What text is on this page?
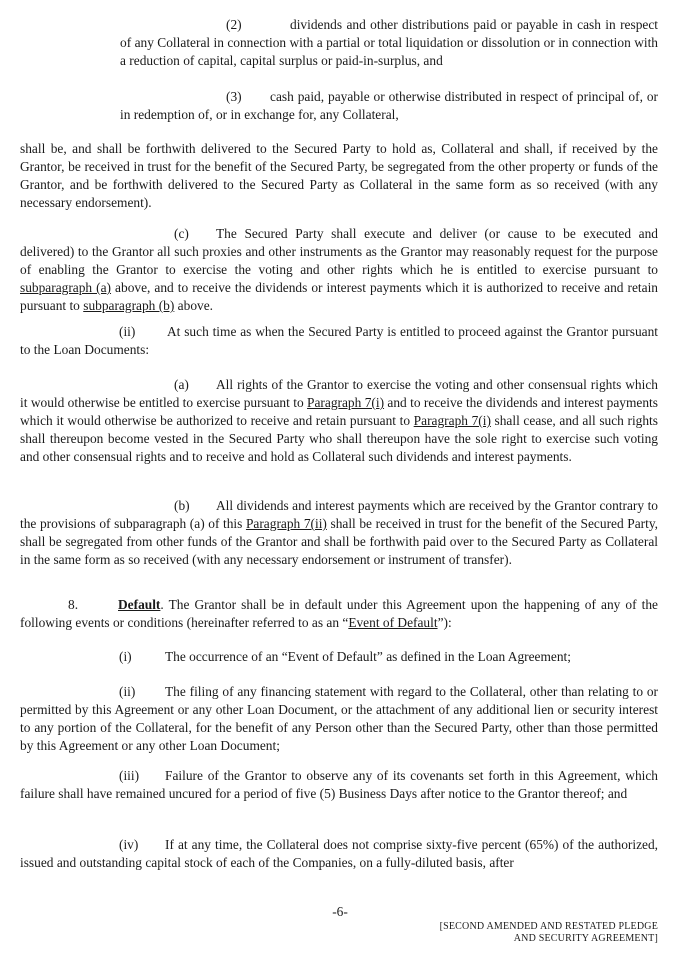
(2)	dividends and other distributions paid or payable in cash in respect of any Collateral in connection with a partial or total liquidation or dissolution or in connection with a reduction of capital, capital surplus or paid-in-surplus, and

(3) cash paid, payable or otherwise distributed in respect of principal of, or in redemption of, or in exchange for, any Collateral,

shall be, and shall be forthwith delivered to the Secured Party to hold as, Collateral and shall, if received by the Grantor, be received in trust for the benefit of the Secured Party, be segregated from the other property or funds of the Grantor, and be forthwith delivered to the Secured Party as Collateral in the same form as so received (with any necessary endorsement).

(c) The Secured Party shall execute and deliver (or cause to be executed and delivered) to the Grantor all such proxies and other instruments as the Grantor may reasonably request for the purpose of enabling the Grantor to exercise the voting and other rights which he is entitled to exercise pursuant to subparagraph (a) above, and to receive the dividends or interest payments which it is authorized to receive and retain pursuant to subparagraph (b) above.

(ii) At such time as when the Secured Party is entitled to proceed against the Grantor pursuant to the Loan Documents:

(a) All rights of the Grantor to exercise the voting and other consensual rights which it would otherwise be entitled to exercise pursuant to Paragraph 7(i) and to receive the dividends and interest payments which it would otherwise be authorized to receive and retain pursuant to Paragraph 7(i) shall cease, and all such rights shall thereupon become vested in the Secured Party who shall thereupon have the sole right to exercise such voting and other consensual rights and to receive and hold as Collateral such dividends and interest payments.

(b) All dividends and interest payments which are received by the Grantor contrary to the provisions of subparagraph (a) of this Paragraph 7(ii) shall be received in trust for the benefit of the Secured Party, shall be segregated from other funds of the Grantor and shall be forthwith paid over to the Secured Party as Collateral in the same form as so received (with any necessary endorsement or instrument of transfer).

8.	Default. The Grantor shall be in default under this Agreement upon the happening of any of the following events or conditions (hereinafter referred to as an “Event of Default”):

(i) The occurrence of an “Event of Default” as defined in the Loan Agreement;

(ii) The filing of any financing statement with regard to the Collateral, other than relating to or permitted by this Agreement or any other Loan Document, or the attachment of any additional lien or security interest to any portion of the Collateral, for the benefit of any Person other than the Secured Party, other than those permitted by this Agreement or any other Loan Document;

(iii) Failure of the Grantor to observe any of its covenants set forth in this Agreement, which failure shall have remained uncured for a period of five (5) Business Days after notice to the Grantor thereof; and

(iv) If at any time, the Collateral does not comprise sixty-five percent (65%) of the authorized, issued and outstanding capital stock of each of the Companies, on a fully-diluted basis, after

-6-

[SECOND AMENDED AND RESTATED PLEDGE
AND SECURITY AGREEMENT]
